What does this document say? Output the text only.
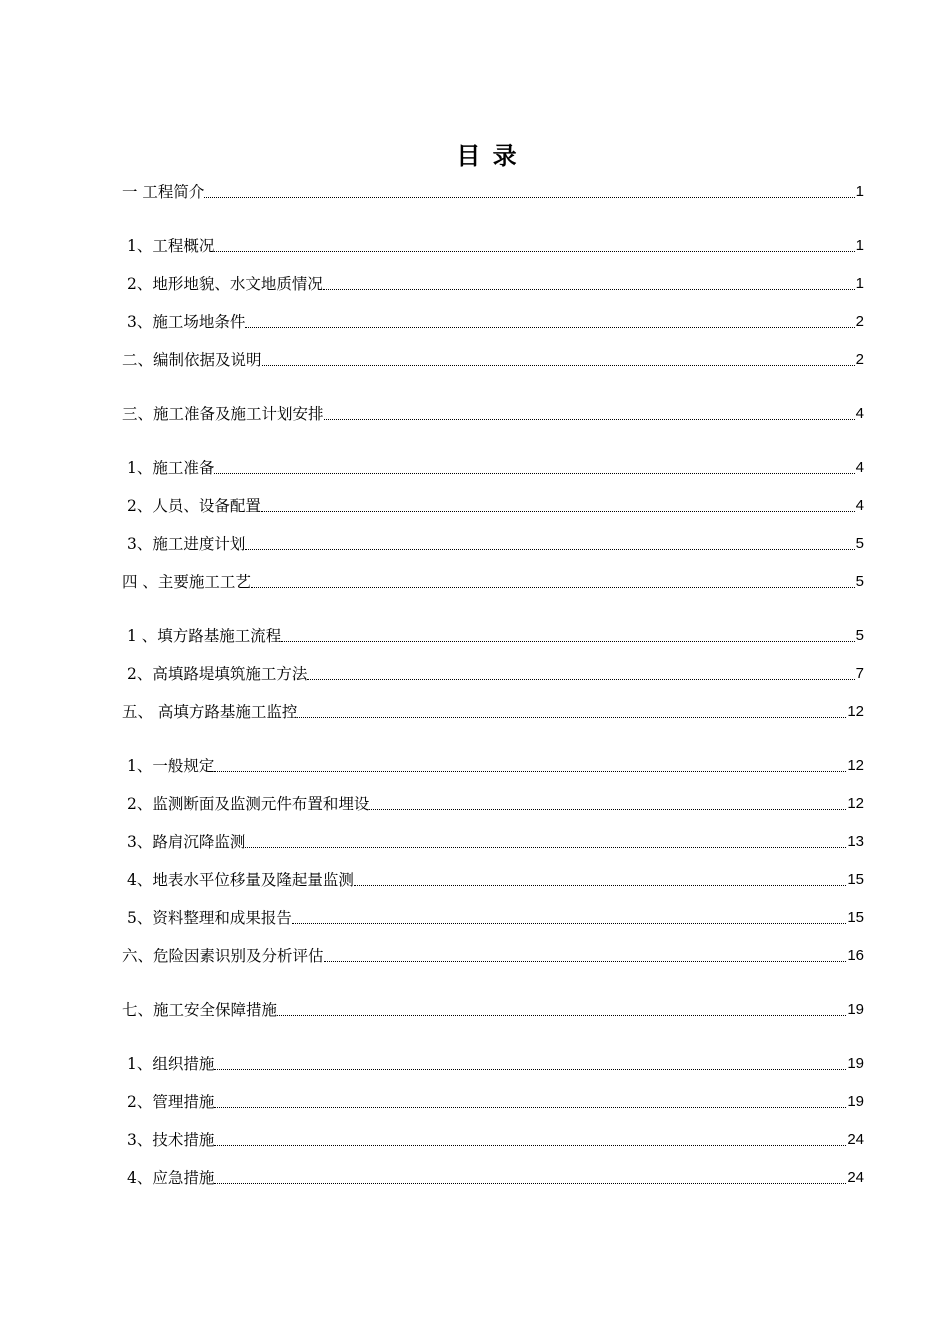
目 录
一 工程简介	1
1、工程概况	1
2、地形地貌、水文地质情况	1
3、施工场地条件	2
二、编制依据及说明	2
三、施工准备及施工计划安排	4
1、施工准备	4
2、人员、设备配置	4
3、施工进度计划	5
四 、主要施工工艺	5
1 、填方路基施工流程	5
2、高填路堤填筑施工方法	7
五、 高填方路基施工监控	12
1、一般规定	12
2、监测断面及监测元件布置和埋设	12
3、路肩沉降监测	13
4、地表水平位移量及隆起量监测	15
5、资料整理和成果报告	15
六、危险因素识别及分析评估	16
七、施工安全保障措施	19
1、组织措施	19
2、管理措施	19
3、技术措施	24
4、应急措施	24
